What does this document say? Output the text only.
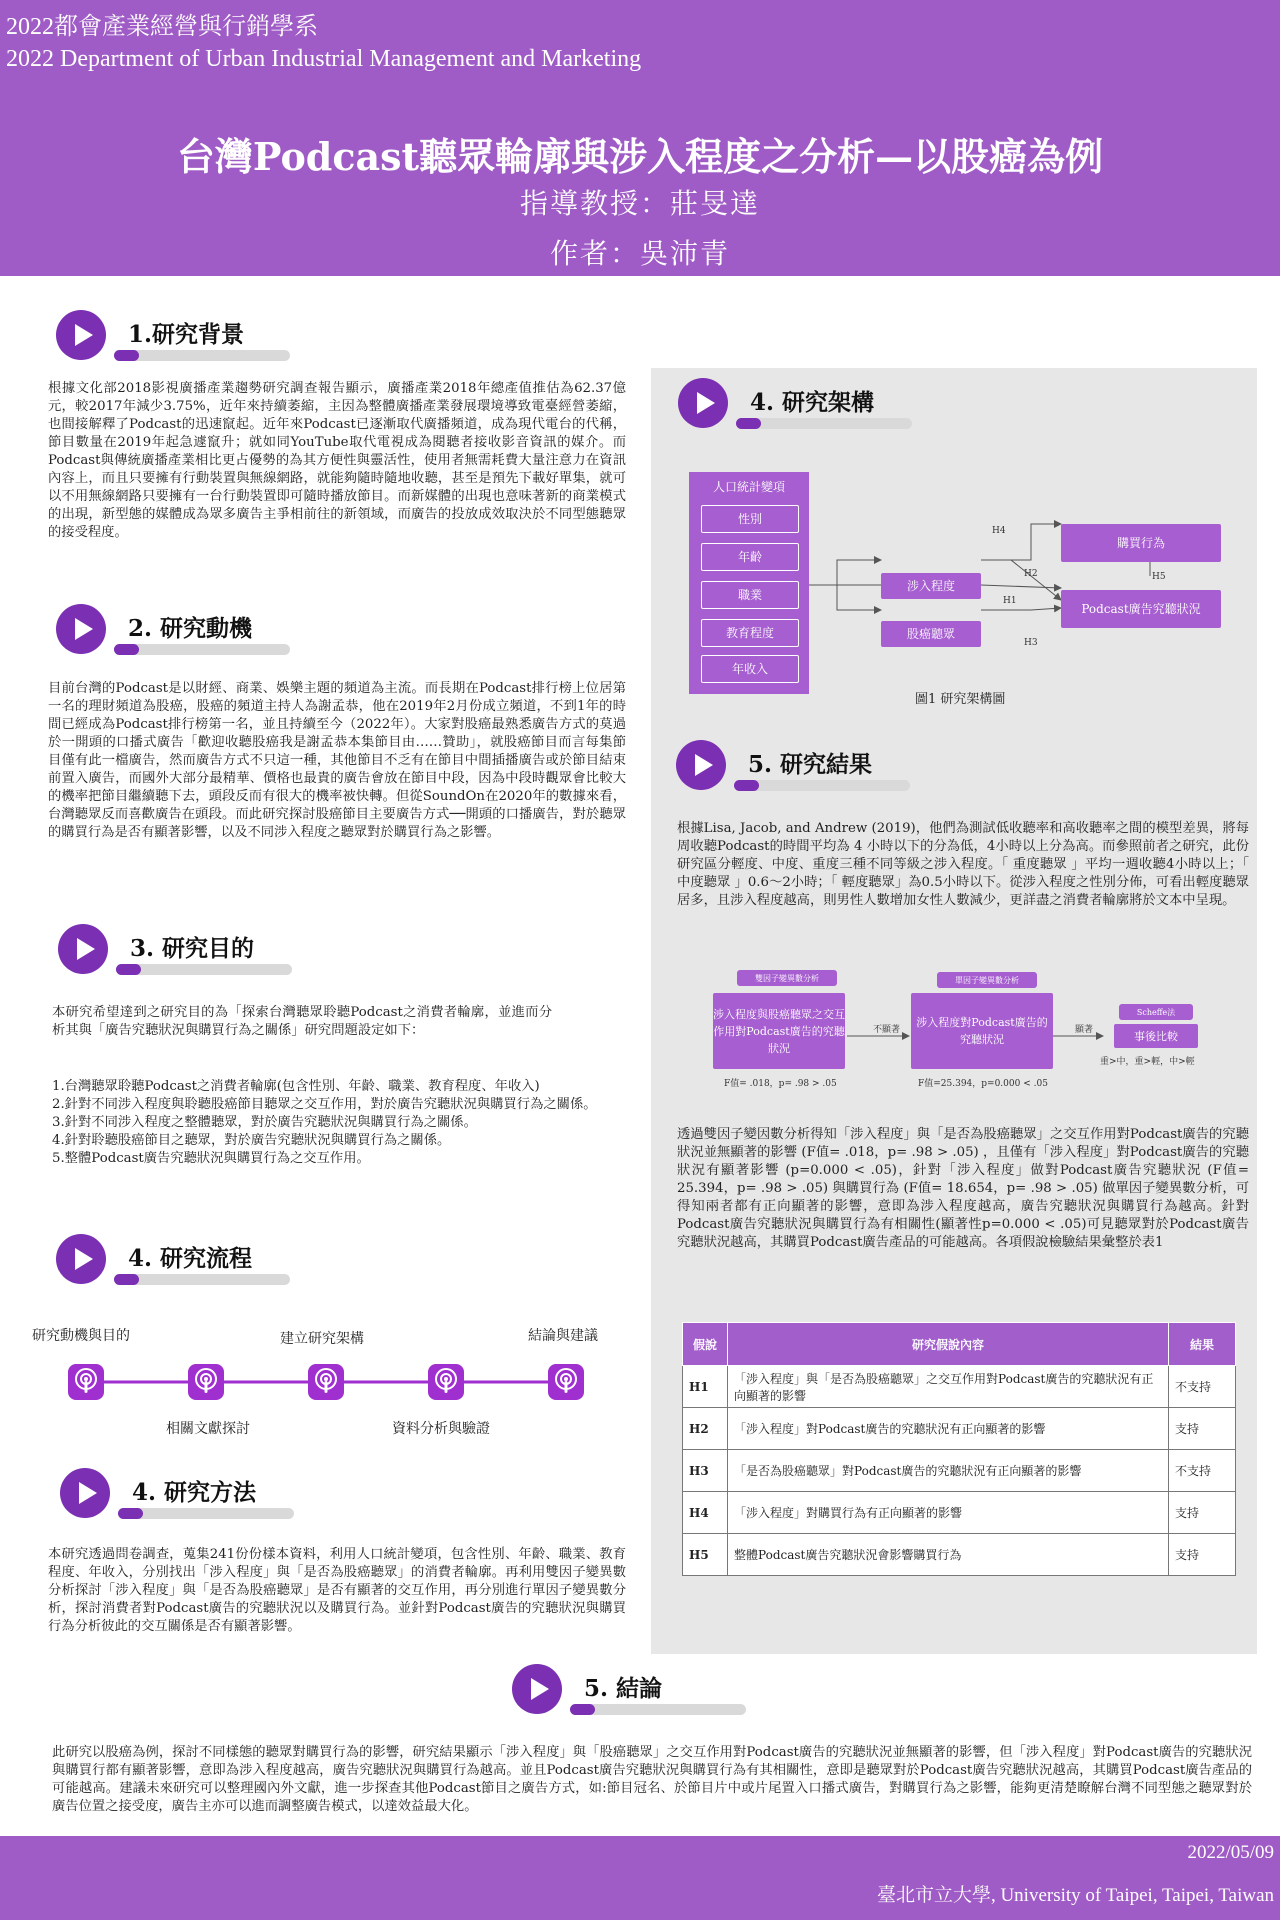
2022都會產業經營與行銷學系
2022 Department of Urban Industrial Management and Marketing
台灣Podcast聽眾輪廓與涉入程度之分析—以股癌為例
指導教授：莊旻達
作者：吳沛青
1.研究背景
根據文化部2018影視廣播產業趨勢研究調查報告顯示，廣播產業2018年總產值推估為62.37億元，較2017年減少3.75%，近年來持續萎縮，主因為整體廣播產業發展環境導致電臺經營萎縮，也間接解釋了Podcast的迅速竄起。近年來Podcast已逐漸取代廣播頻道，成為現代電台的代稱，節目數量在2019年起急遽竄升；就如同YouTube取代電視成為閱聽者接收影音資訊的媒介。而Podcast與傳統廣播產業相比更占優勢的為其方便性與靈活性，使用者無需耗費大量注意力在資訊內容上，而且只要擁有行動裝置與無線網路，就能夠隨時隨地收聽，甚至是預先下載好單集，就可以不用無線網路只要擁有一台行動裝置即可隨時播放節目。而新媒體的出現也意味著新的商業模式的出現，新型態的媒體成為眾多廣告主爭相前往的新領域，而廣告的投放成效取決於不同型態聽眾的接受程度。
2. 研究動機
目前台灣的Podcast是以財經、商業、娛樂主題的頻道為主流。而長期在Podcast排行榜上位居第一名的理財頻道為股癌，股癌的頻道主持人為謝孟恭，他在2019年2月份成立頻道，不到1年的時間已經成為Podcast排行榜第一名，並且持續至今（2022年）。大家對股癌最熟悉廣告方式的莫過於一開頭的口播式廣告「歡迎收聽股癌我是謝孟恭本集節目由……贊助」，就股癌節目而言每集節目僅有此一檔廣告，然而廣告方式不只這一種，其他節目不乏有在節目中間插播廣告或於節目結束前置入廣告，而國外大部分最精華、價格也最貴的廣告會放在節目中段，因為中段時觀眾會比較大的機率把節目繼續聽下去，頭段反而有很大的機率被快轉。但從SoundOn在2020年的數據來看，台灣聽眾反而喜歡廣告在頭段。而此研究探討股癌節目主要廣告方式──開頭的口播廣告，對於聽眾的購買行為是否有顯著影響，以及不同涉入程度之聽眾對於購買行為之影響。
3. 研究目的
本研究希望達到之研究目的為「探索台灣聽眾聆聽Podcast之消費者輪廓，並進而分析其與「廣告究聽狀況與購買行為之關係」研究問題設定如下：
1.台灣聽眾聆聽Podcast之消費者輪廓(包含性別、年齡、職業、教育程度、年收入)
2.針對不同涉入程度與聆聽股癌節目聽眾之交互作用，對於廣告究聽狀況與購買行為之關係。
3.針對不同涉入程度之整體聽眾，對於廣告究聽狀況與購買行為之關係。
4.針對聆聽股癌節目之聽眾，對於廣告究聽狀況與購買行為之關係。
5.整體Podcast廣告究聽狀況與購買行為之交互作用。
4. 研究流程
研究動機與目的
相關文獻探討
建立研究架構
資料分析與驗證
結論與建議
4. 研究方法
本研究透過問卷調查，蒐集241份份樣本資料，利用人口統計變項，包含性別、年齡、職業、教育程度、年收入，分別找出「涉入程度」與「是否為股癌聽眾」的消費者輪廓。再利用雙因子變異數分析探討「涉入程度」與「是否為股癌聽眾」是否有顯著的交互作用，再分別進行單因子變異數分析，探討消費者對Podcast廣告的究聽狀況以及購買行為。並針對Podcast廣告的究聽狀況與購買行為分析彼此的交互關係是否有顯著影響。
4. 研究架構
人口統計變項
性別
年齡
職業
教育程度
年收入
涉入程度
股癌聽眾
購買行為
Podcast廣告究聽狀況
H4
H2
H1
H3
H5
圖1 研究架構圖
5. 研究結果
根據Lisa, Jacob, and Andrew (2019)，他們為測試低收聽率和高收聽率之間的模型差異，將每周收聽Podcast的時間平均為 4 小時以下的分為低，4小時以上分為高。而參照前者之研究，此份研究區分輕度、中度、重度三種不同等級之涉入程度。「 重度聽眾 」平均一週收聽4小時以上；「 中度聽眾 」0.6～2小時；「 輕度聽眾」為0.5小時以下。從涉入程度之性別分佈，可看出輕度聽眾居多，且涉入程度越高，則男性人數增加女性人數減少，更詳盡之消費者輪廓將於文本中呈現。
雙因子變異數分析
涉入程度與股癌聽眾之交互作用對Podcast廣告的究聽狀況
不顯著
單因子變異數分析
涉入程度對Podcast廣告的究聽狀況
顯著
Scheffe法
事後比較
重>中，重>輕，中>輕
F值= .018，p= .98 > .05	F值=25.394，p=0.000 < .05
透過雙因子變因數分析得知「涉入程度」與「是否為股癌聽眾」之交互作用對Podcast廣告的究聽狀況並無顯著的影響 (F值= .018，p= .98 > .05) ，且僅有「涉入程度」對Podcast廣告的究聽狀況有顯著影響 (p=0.000 < .05)，針對「涉入程度」做對Podcast廣告究聽狀況 (F值= 25.394，p= .98 > .05) 與購買行為 (F值= 18.654，p= .98 > .05) 做單因子變異數分析，可得知兩者都有正向顯著的影響，意即為涉入程度越高，廣告究聽狀況與購買行為越高。針對Podcast廣告究聽狀況與購買行為有相關性(顯著性p=0.000 < .05)可見聽眾對於Podcast廣告究聽狀況越高，其購買Podcast廣告產品的可能越高。各項假說檢驗結果彙整於表1
假說	研究假說內容	結果
H1	「涉入程度」與「是否為股癌聽眾」之交互作用對Podcast廣告的究聽狀況有正向顯著的影響	不支持
H2	「涉入程度」對Podcast廣告的究聽狀況有正向顯著的影響	支持
H3	「是否為股癌聽眾」對Podcast廣告的究聽狀況有正向顯著的影響	不支持
H4	「涉入程度」對購買行為有正向顯著的影響	支持
H5	整體Podcast廣告究聽狀況會影響購買行為	支持
5. 結論
此研究以股癌為例，探討不同樣態的聽眾對購買行為的影響，研究結果顯示「涉入程度」與「股癌聽眾」之交互作用對Podcast廣告的究聽狀況並無顯著的影響，但「涉入程度」對Podcast廣告的究聽狀況與購買行都有顯著影響，意即為涉入程度越高，廣告究聽狀況與購買行為越高。並且Podcast廣告究聽狀況與購買行為有其相關性，意即是聽眾對於Podcast廣告究聽狀況越高，其購買Podcast廣告產品的可能越高。建議未來研究可以整理國內外文獻，進一步探查其他Podcast節目之廣告方式，如:節目冠名、於節目片中或片尾置入口播式廣告，對購買行為之影響，能夠更清楚瞭解台灣不同型態之聽眾對於廣告位置之接受度，廣告主亦可以進而調整廣告模式，以達效益最大化。
2022/05/09
臺北市立大學, University of Taipei, Taipei, Taiwan
